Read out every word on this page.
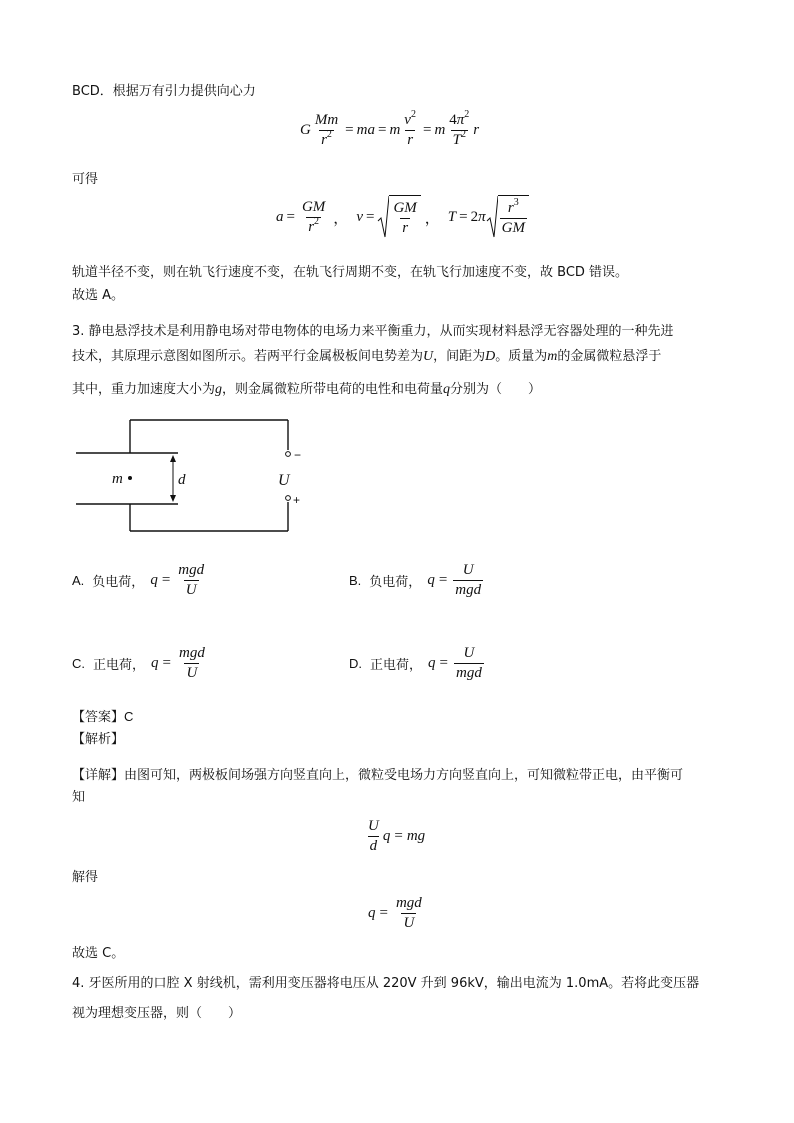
BCD．根据万有引力提供向心力
G $\frac{Mm}{r^2}$ = ma = m $\frac{v^2}{r} = m \frac{4\pi^2}{T^2}$ r
可得
$a = \frac{GM}{r^2}$ ， $v = \frac{GM}{r}$ ， T = 2 π $\frac{r^3}{GM}$
轨道半径不变，则在轨飞行速度不变，在轨飞行周期不变，在轨飞行加速度不变，故 BCD 错误。
故选 A。
3. 静电悬浮技术是利用静电场对带电物体的电场力来平衡重力，从而实现材料悬浮无容器处理的一种先进
技术，其原理示意图如图所示。若两平行金属极板间电势差为U，间距为D。质量为m的金属微粒悬浮于
其中，重力加速度大小为g，则金属微粒所带电荷的电性和电荷量q分别为（　　）
m	d	U
−
+
A. 负电荷， $q = \frac{\text{mgd}}{U}$	B. 负电荷， $q = \frac{U}{\text{mgd}}$
C. 正电荷， $q = \frac{\text{mgd}}{U}$	D. 正电荷， $q = \frac{U}{\text{mgd}}$
【答案】C
【解析】
【详解】由图可知，两极板间场强方向竖直向上，微粒受电场力方向竖直向上，可知微粒带正电，由平衡可
知
$\frac{U}{d}$ q = mg
解得
$q = \frac{\text{mgd}}{U}$
故选 C。
4. 牙医所用的口腔 X 射线机，需利用变压器将电压从 220V 升到 96kV，输出电流为 1.0mA。若将此变压器
视为理想变压器，则（　　）
